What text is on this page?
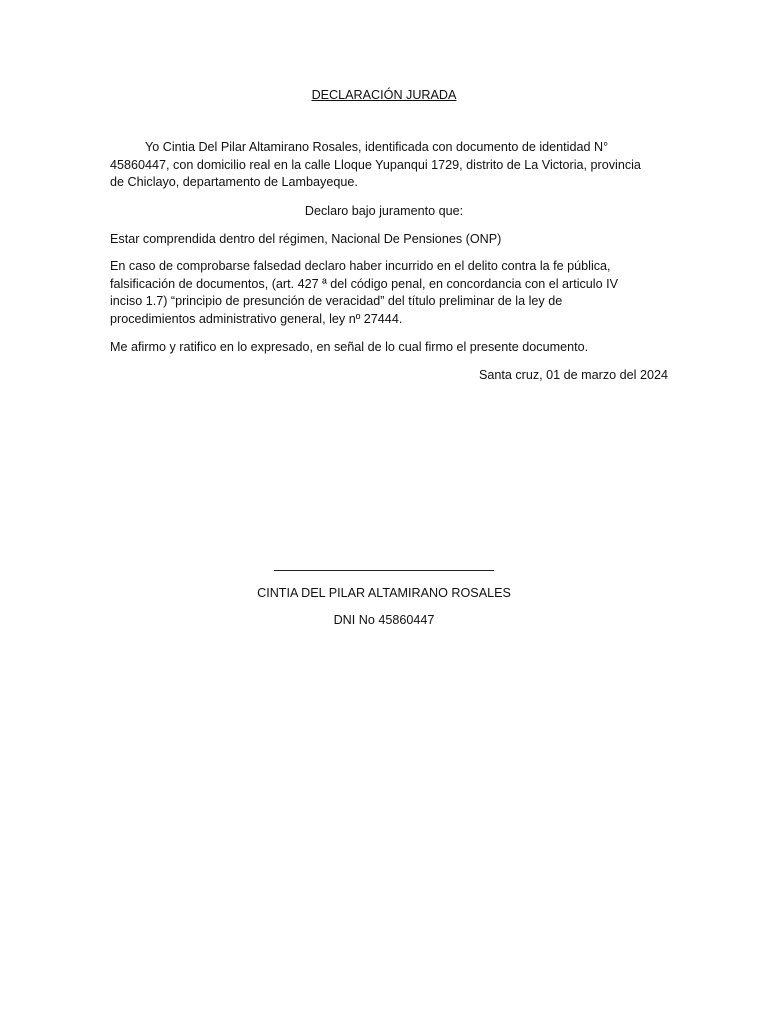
DECLARACIÓN JURADA

Yo Cintia Del Pilar Altamirano Rosales, identificada con documento de identidad N°
45860447, con domicilio real en la calle Lloque Yupanqui 1729, distrito de La Victoria, provincia
de Chiclayo, departamento de Lambayeque.

Declaro bajo juramento que:

Estar comprendida dentro del régimen, Nacional De Pensiones (ONP)

En caso de comprobarse falsedad declaro haber incurrido en el delito contra la fe pública,
falsificación de documentos, (art. 427 ª del código penal, en concordancia con el articulo IV
inciso 1.7) “principio de presunción de veracidad” del título preliminar de la ley de
procedimientos administrativo general, ley nº 27444.

Me afirmo y ratifico en lo expresado, en señal de lo cual firmo el presente documento.

Santa cruz, 01 de marzo del 2024

CINTIA DEL PILAR ALTAMIRANO ROSALES

DNI No 45860447
